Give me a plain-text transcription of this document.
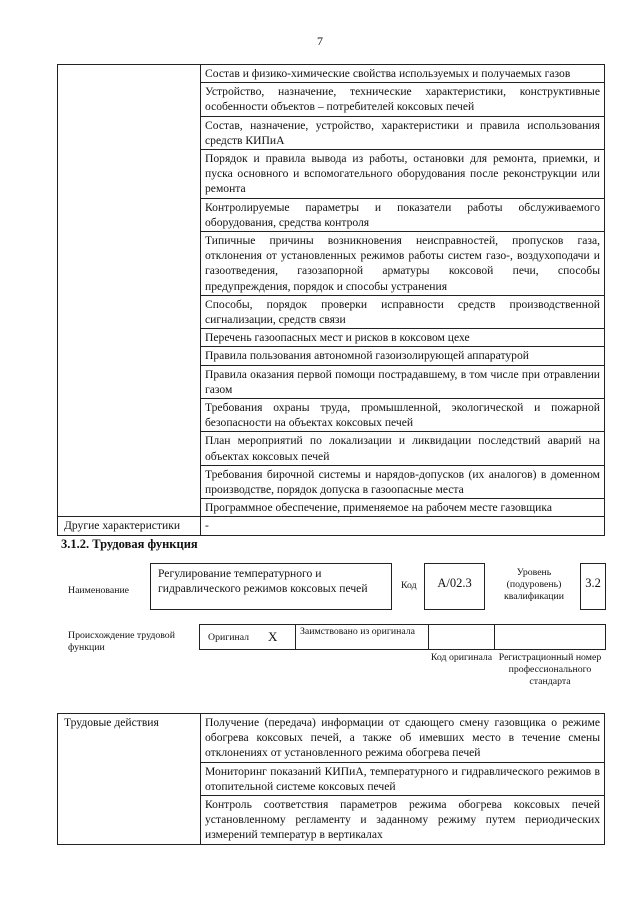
7
	Состав и физико-химические свойства используемых и получаемых газов
	Устройство, назначение, технические характеристики, конструктивные особенности объектов – потребителей коксовых печей
	Состав, назначение, устройство, характеристики и правила использования средств КИПиА
	Порядок и правила вывода из работы, остановки для ремонта, приемки, и пуска основного и вспомогательного оборудования после реконструкции или ремонта
	Контролируемые параметры и показатели работы обслуживаемого оборудования, средства контроля
	Типичные причины возникновения неисправностей, пропусков газа, отклонения от установленных режимов работы систем газо-, воздухоподачи и газоотведения, газозапорной арматуры коксовой печи, способы предупреждения, порядок и способы устранения
	Способы, порядок проверки исправности средств производственной сигнализации, средств связи
	Перечень газоопасных мест и рисков в коксовом цехе
	Правила пользования автономной газоизолирующей аппаратурой
	Правила оказания первой помощи пострадавшему, в том числе при отравлении газом
	Требования охраны труда, промышленной, экологической и пожарной безопасности на объектах коксовых печей
	План мероприятий по локализации и ликвидации последствий аварий на объектах коксовых печей
	Требования бирочной системы и нарядов-допусков (их аналогов) в доменном производстве, порядок допуска в газоопасные места
	Программное обеспечение, применяемое на рабочем месте газовщика
Другие характеристики	-
3.1.2. Трудовая функция
Наименование
Регулирование температурного и гидравлического режимов коксовых печей	Код	А/02.3
Уровень (подуровень) квалификации
3.2
Происхождение трудовой функции
Оригинал X Заимствовано из оригинала
Код оригинала Регистрационный номер профессионального стандарта
Трудовые действия	Получение (передача) информации от сдающего смену газовщика о режиме обогрева коксовых печей, а также об имевших место в течение смены отклонениях от установленного режима обогрева печей
Мониторинг показаний КИПиА, температурного и гидравлического режимов в отопительной системе коксовых печей
Контроль соответствия параметров режима обогрева коксовых печей установленному регламенту и заданному режиму путем периодических измерений температур в вертикалах
